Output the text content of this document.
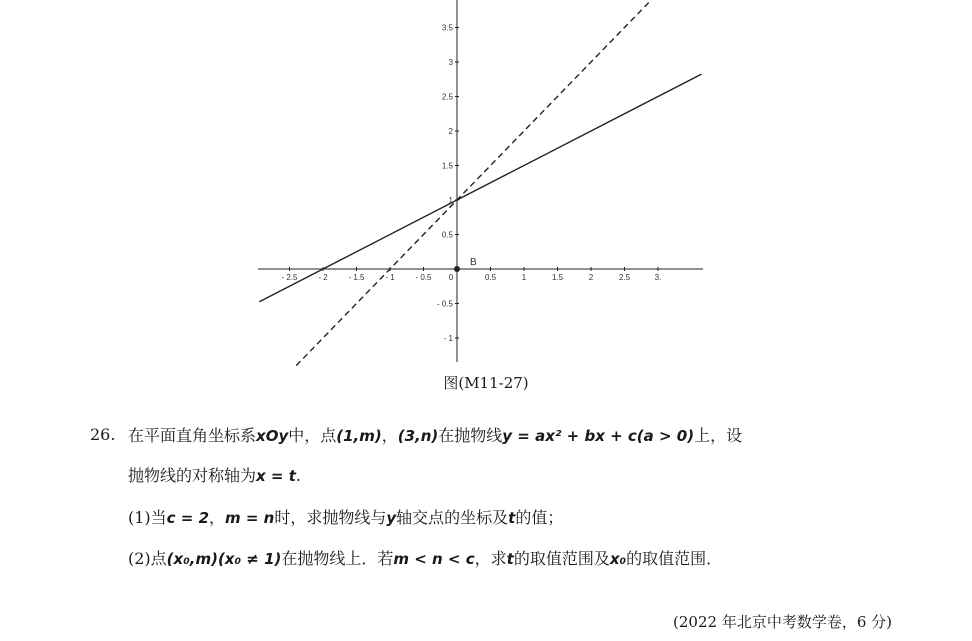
- 2.5	- 2	- 1.5	- 1	- 0.5 0	0.5	1	1.5	2	2.5	3.
3.5
3
2.5
2
1.5
1
0.5
- 0.5
- 1
B
图(M11-27)
26. 在平面直角坐标系xOy中，点(1,m)，(3,n)在抛物线y = ax² + bx + c(a > 0)上，设
抛物线的对称轴为x = t.
(1)当c = 2，m = n时，求抛物线与y轴交点的坐标及t的值；
(2)点(x₀,m)(x₀ ≠ 1)在抛物线上．若m < n < c，求t的取值范围及x₀的取值范围．
(2022 年北京中考数学卷，6 分)
